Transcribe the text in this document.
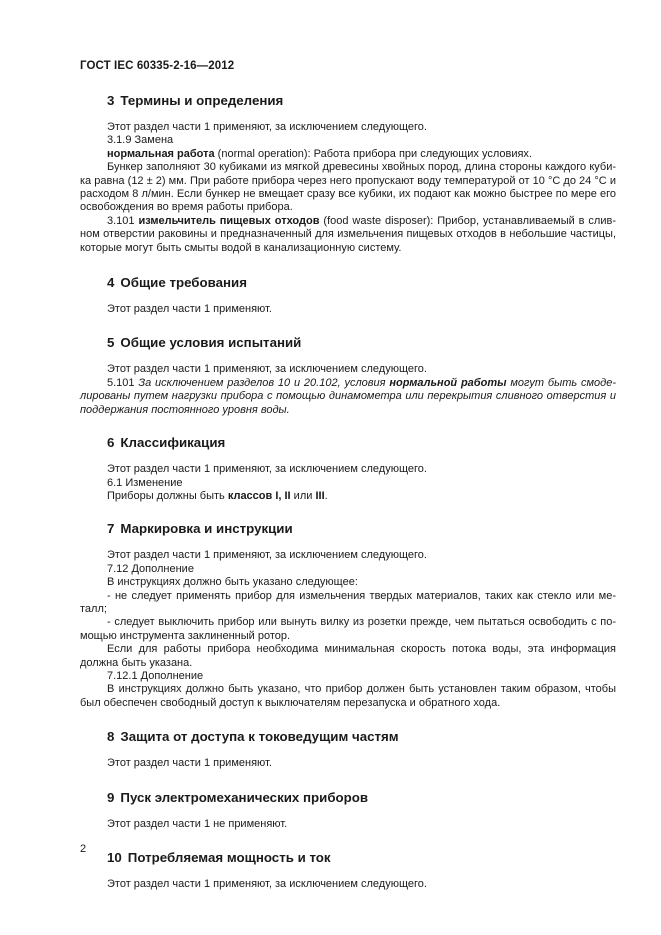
ГОСТ IEC 60335-2-16—2012
3 Термины и определения

Этот раздел части 1 применяют, за исключением следующего.

3.1.9 Замена

нормальная работа (normal operation): Работа прибора при следующих условиях.

Бункер заполняют 30 кубиками из мягкой древесины хвойных пород, длина стороны каждого куби-ка равна (12 ± 2) мм. При работе прибора через него пропускают воду температурой от 10 °С до 24 °С и расходом 8 л/мин. Если бункер не вмещает сразу все кубики, их подают как можно быстрее по мере его освобождения во время работы прибора.

3.101 измельчитель пищевых отходов (food waste disposer): Прибор, устанавливаемый в слив-ном отверстии раковины и предназначенный для измельчения пищевых отходов в небольшие частицы, которые могут быть смыты водой в канализационную систему.

4 Общие требования

Этот раздел части 1 применяют.

5 Общие условия испытаний

Этот раздел части 1 применяют, за исключением следующего.

5.101 За исключением разделов 10 и 20.102, условия нормальной работы могут быть смоде-лированы путем нагрузки прибора с помощью динамометра или перекрытия сливного отверстия и поддержания постоянного уровня воды.

6 Классификация

Этот раздел части 1 применяют, за исключением следующего.

6.1 Изменение

Приборы должны быть классов I, II или III.

7 Маркировка и инструкции

Этот раздел части 1 применяют, за исключением следующего.

7.12 Дополнение

В инструкциях должно быть указано следующее:

- не следует применять прибор для измельчения твердых материалов, таких как стекло или ме-талл;

- следует выключить прибор или вынуть вилку из розетки прежде, чем пытаться освободить с по-мощью инструмента заклиненный ротор.

Если для работы прибора необходима минимальная скорость потока воды, эта информация должна быть указана.

7.12.1 Дополнение

В инструкциях должно быть указано, что прибор должен быть установлен таким образом, чтобы был обеспечен свободный доступ к выключателям перезапуска и обратного хода.

8 Защита от доступа к токоведущим частям

Этот раздел части 1 применяют.

9 Пуск электромеханических приборов

Этот раздел части 1 не применяют.

10 Потребляемая мощность и ток

Этот раздел части 1 применяют, за исключением следующего.

2
